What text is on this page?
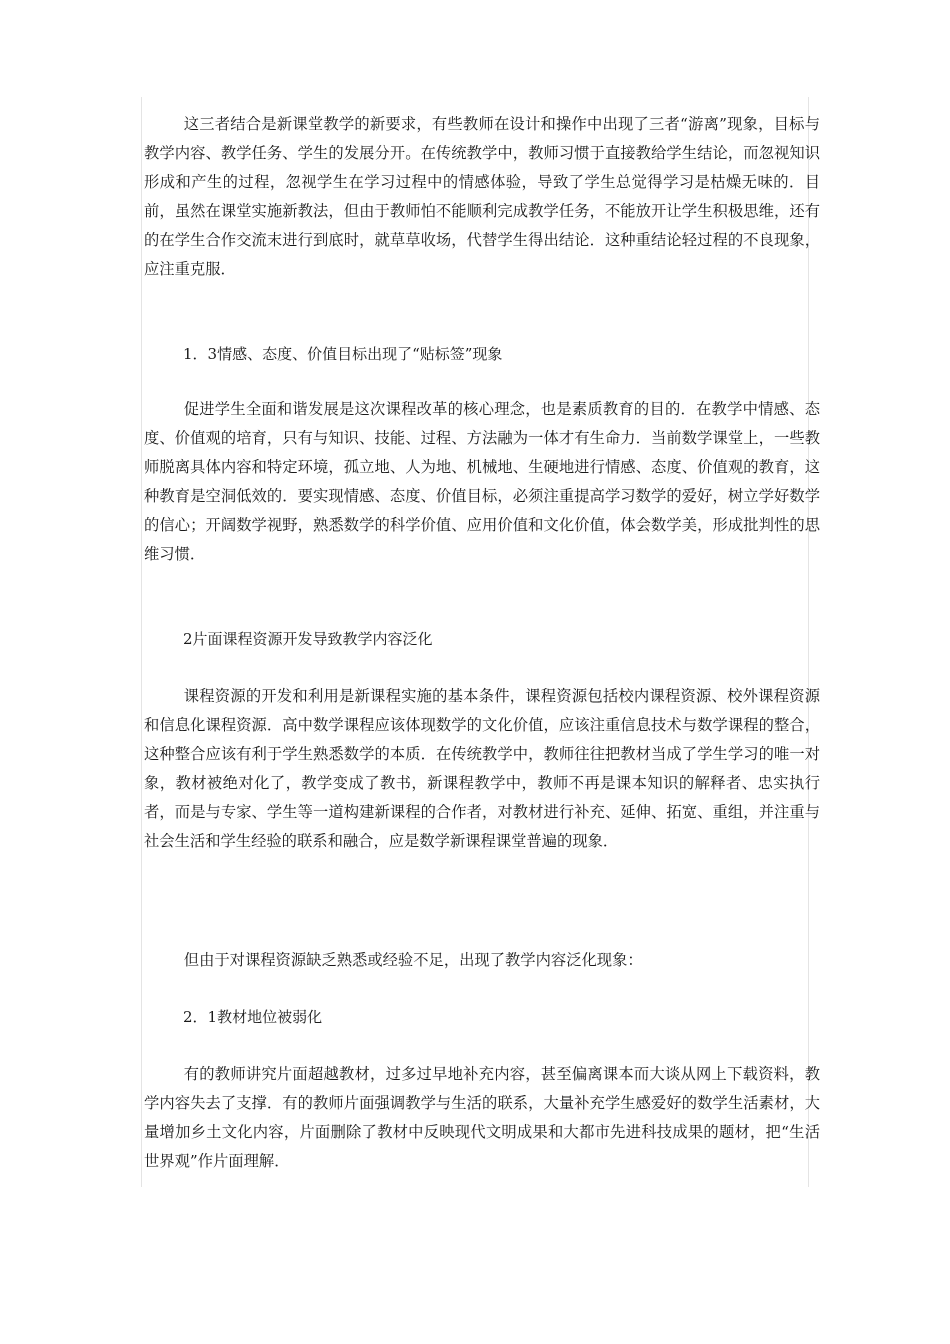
这三者结合是新课堂教学的新要求，有些教师在设计和操作中出现了三者“游离”现象，目标与教学内容、教学任务、学生的发展分开。在传统教学中，教师习惯于直接教给学生结论，而忽视知识形成和产生的过程，忽视学生在学习过程中的情感体验，导致了学生总觉得学习是枯燥无味的．目前，虽然在课堂实施新教法，但由于教师怕不能顺利完成教学任务，不能放开让学生积极思维，还有的在学生合作交流末进行到底时，就草草收场，代替学生得出结论．这种重结论轻过程的不良现象，应注重克服．

1．3情感、态度、价值目标出现了“贴标签”现象

促进学生全面和谐发展是这次课程改革的核心理念，也是素质教育的目的．在教学中情感、态度、价值观的培育，只有与知识、技能、过程、方法融为一体才有生命力．当前数学课堂上，一些教师脱离具体内容和特定环境，孤立地、人为地、机械地、生硬地进行情感、态度、价值观的教育，这种教育是空洞低效的．要实现情感、态度、价值目标，必须注重提高学习数学的爱好，树立学好数学的信心；开阔数学视野，熟悉数学的科学价值、应用价值和文化价值，体会数学美，形成批判性的思维习惯．

2片面课程资源开发导致教学内容泛化

课程资源的开发和利用是新课程实施的基本条件，课程资源包括校内课程资源、校外课程资源和信息化课程资源．高中数学课程应该体现数学的文化价值，应该注重信息技术与数学课程的整合，这种整合应该有利于学生熟悉数学的本质．在传统教学中，教师往往把教材当成了学生学习的唯一对象，教材被绝对化了，教学变成了教书，新课程教学中，教师不再是课本知识的解释者、忠实执行者，而是与专家、学生等一道构建新课程的合作者，对教材进行补充、延伸、拓宽、重组，并注重与社会生活和学生经验的联系和融合，应是数学新课程课堂普遍的现象．

但由于对课程资源缺乏熟悉或经验不足，出现了教学内容泛化现象：

2．1教材地位被弱化

有的教师讲究片面超越教材，过多过早地补充内容，甚至偏离课本而大谈从网上下载资料，教学内容失去了支撑．有的教师片面强调教学与生活的联系，大量补充学生感爱好的数学生活素材，大量增加乡土文化内容，片面删除了教材中反映现代文明成果和大都市先进科技成果的题材，把“生活世界观”作片面理解．
